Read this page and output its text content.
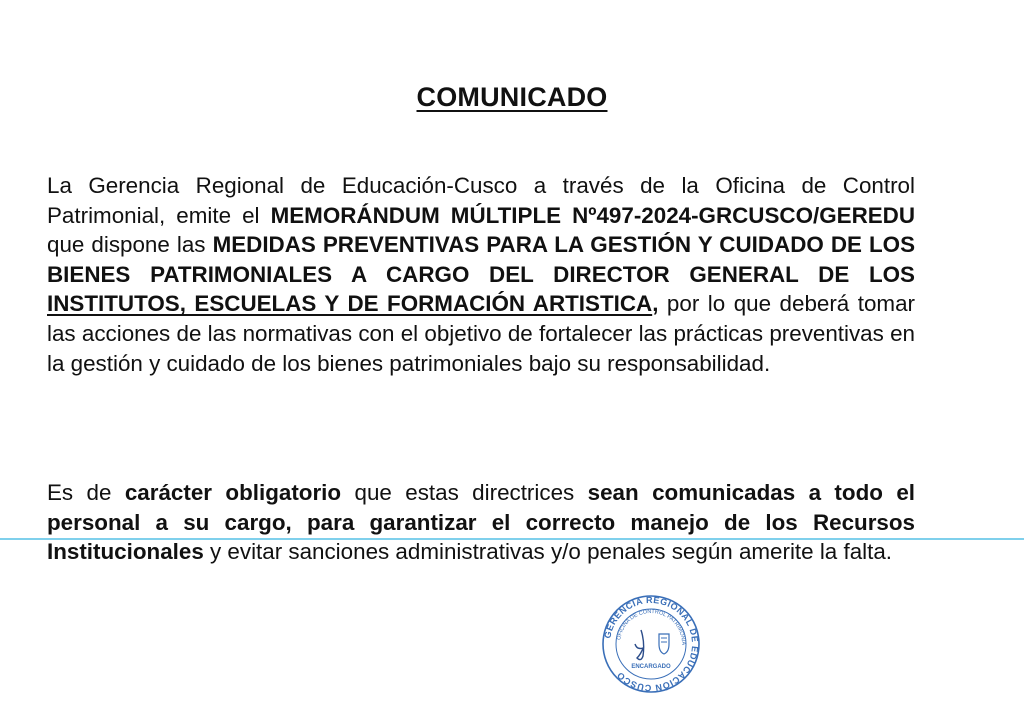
COMUNICADO

La Gerencia Regional de Educación-Cusco a través de la Oficina de Control Patrimonial, emite el MEMORÁNDUM MÚLTIPLE Nº497-2024-GRCUSCO/GEREDU que dispone las MEDIDAS PREVENTIVAS PARA LA GESTIÓN Y CUIDADO DE LOS BIENES PATRIMONIALES A CARGO DEL DIRECTOR GENERAL DE LOS INSTITUTOS, ESCUELAS Y DE FORMACIÓN ARTISTICA, por lo que deberá tomar las acciones de las normativas con el objetivo de fortalecer las prácticas preventivas en la gestión y cuidado de los bienes patrimoniales bajo su responsabilidad.

Es de carácter obligatorio que estas directrices sean comunicadas a todo el personal a su cargo, para garantizar el correcto manejo de los Recursos Institucionales y evitar sanciones administrativas y/o penales según amerite la falta.

GERENCIA REGIONAL DE EDUCACIÓN CUSCO
OFICINA DE CONTROL PATRIMONIA
ENCARGADO
